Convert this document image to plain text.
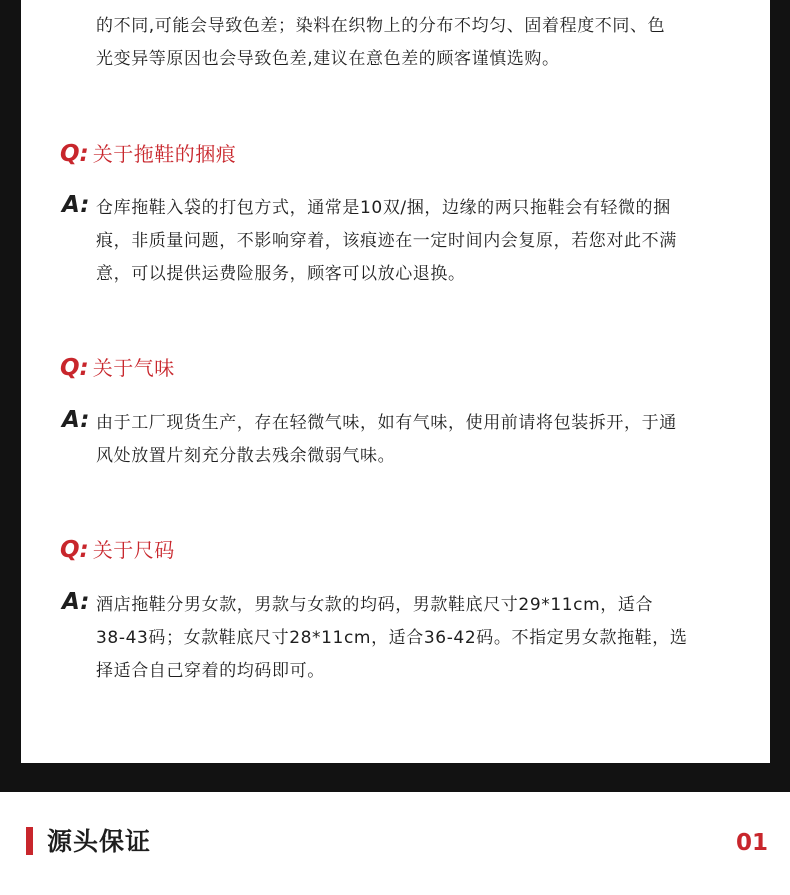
的不同,可能会导致色差；染料在织物上的分布不均匀、固着程度不同、色
光变异等原因也会导致色差,建议在意色差的顾客谨慎选购。
Q: 关于拖鞋的捆痕
A: 仓库拖鞋入袋的打包方式，通常是10双/捆，边缘的两只拖鞋会有轻微的捆
痕，非质量问题，不影响穿着，该痕迹在一定时间内会复原，若您对此不满
意，可以提供运费险服务，顾客可以放心退换。
Q: 关于气味
A: 由于工厂现货生产，存在轻微气味，如有气味，使用前请将包装拆开，于通
风处放置片刻充分散去残余微弱气味。
Q: 关于尺码
A: 酒店拖鞋分男女款，男款与女款的均码，男款鞋底尺寸29*11cm，适合
38-43码；女款鞋底尺寸28*11cm，适合36-42码。不指定男女款拖鞋，选
择适合自己穿着的均码即可。
源头保证	01
